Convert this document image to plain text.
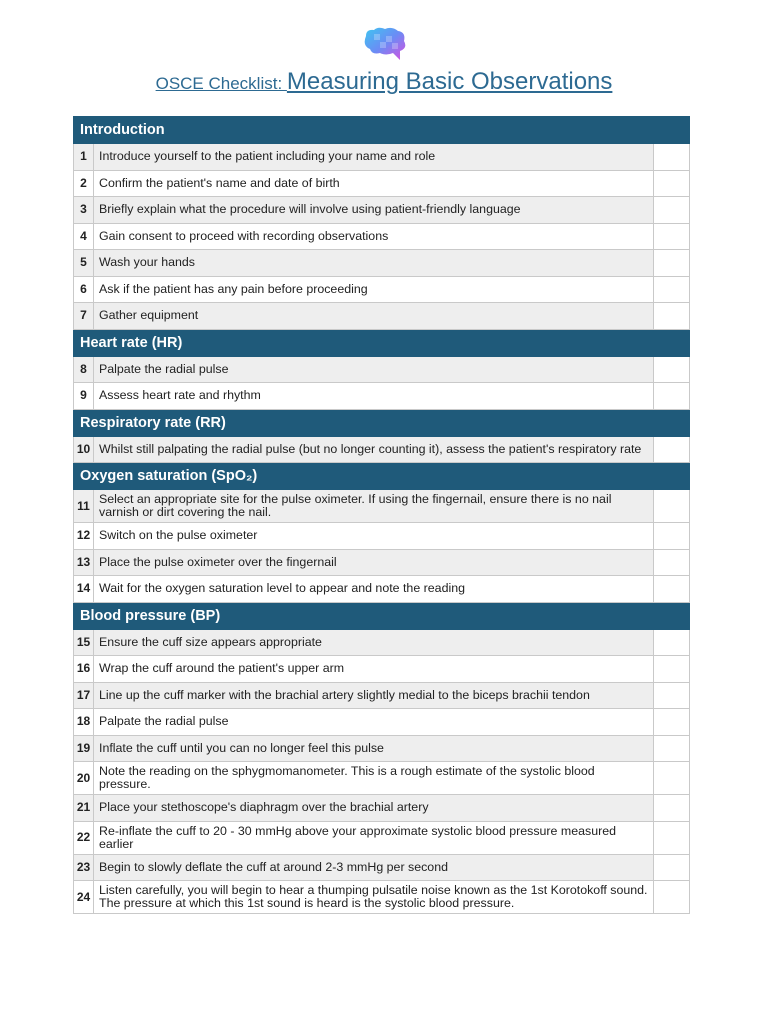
OSCE Checklist: Measuring Basic Observations
Introduction		
1	Introduce yourself to the patient including your name and role	
2	Confirm the patient's name and date of birth	
3	Briefly explain what the procedure will involve using patient-friendly language	
4	Gain consent to proceed with recording observations	
5	Wash your hands	
6	Ask if the patient has any pain before proceeding	
7	Gather equipment	
Heart rate (HR)		
8	Palpate the radial pulse	
9	Assess heart rate and rhythm	
Respiratory rate (RR)		
10	Whilst still palpating the radial pulse (but no longer counting it), assess the patient's respiratory rate	
Oxygen saturation (SpO₂)		
11	Select an appropriate site for the pulse oximeter. If using the fingernail, ensure there is no nail varnish or dirt covering the nail.	
12	Switch on the pulse oximeter	
13	Place the pulse oximeter over the fingernail	
14	Wait for the oxygen saturation level to appear and note the reading	
Blood pressure (BP)		
15	Ensure the cuff size appears appropriate	
16	Wrap the cuff around the patient's upper arm	
17	Line up the cuff marker with the brachial artery slightly medial to the biceps brachii tendon	
18	Palpate the radial pulse	
19	Inflate the cuff until you can no longer feel this pulse	
20	Note the reading on the sphygmomanometer. This is a rough estimate of the systolic blood pressure.	
21	Place your stethoscope's diaphragm over the brachial artery	
22	Re-inflate the cuff to 20 - 30 mmHg above your approximate systolic blood pressure measured earlier	
23	Begin to slowly deflate the cuff at around 2-3 mmHg per second	
24	Listen carefully, you will begin to hear a thumping pulsatile noise known as the 1st Korotokoff sound. The pressure at which this 1st sound is heard is the systolic blood pressure.	
